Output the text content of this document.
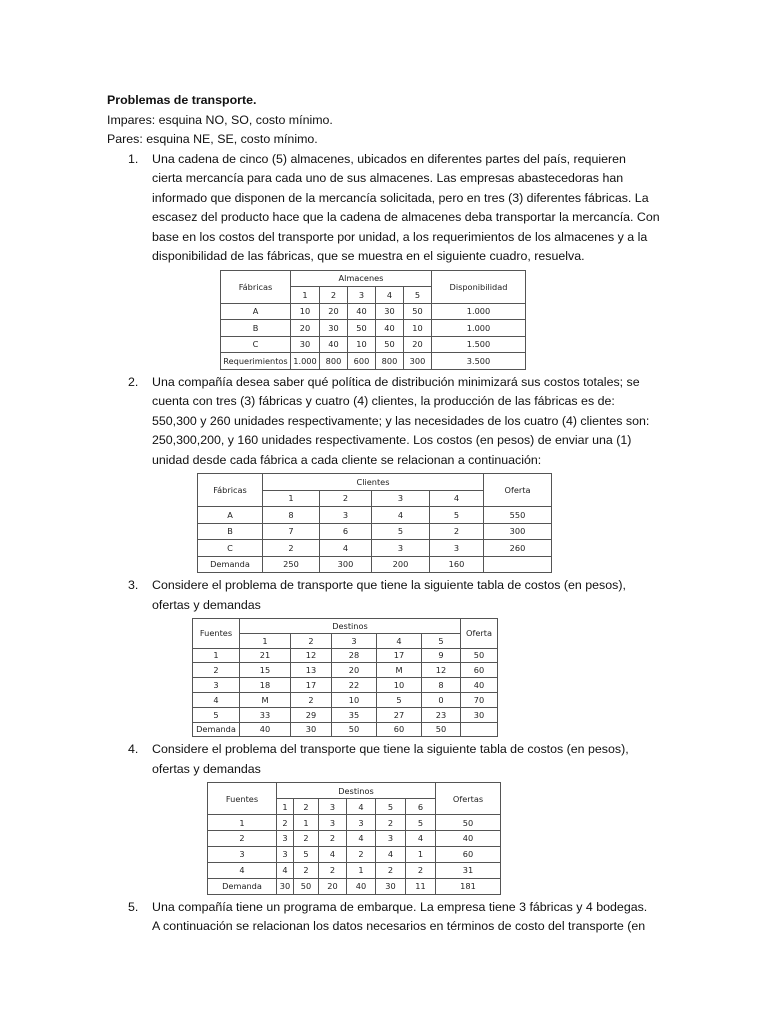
Problemas de transporte.
Impares: esquina NO, SO, costo mínimo.
Pares: esquina NE, SE, costo mínimo.
1. Una cadena de cinco (5) almacenes, ubicados en diferentes partes del país, requieren
cierta mercancía para cada uno de sus almacenes. Las empresas abastecedoras han
informado que disponen de la mercancía solicitada, pero en tres (3) diferentes fábricas. La
escasez del producto hace que la cadena de almacenes deba transportar la mercancía. Con
base en los costos del transporte por unidad, a los requerimientos de los almacenes y a la
disponibilidad de las fábricas, que se muestra en el siguiente cuadro, resuelva.
Fábricas	Almacenes					Disponibilidad
	1	2	3	4	5	
A	10	20	40	30	50	1.000
B	20	30	50	40	10	1.000
C	30	40	10	50	20	1.500
Requerimientos	1.000	800	600	800	300	3.500
2. Una compañía desea saber qué política de distribución minimizará sus costos totales; se
cuenta con tres (3) fábricas y cuatro (4) clientes, la producción de las fábricas es de:
550,300 y 260 unidades respectivamente; y las necesidades de los cuatro (4) clientes son:
250,300,200, y 160 unidades respectivamente. Los costos (en pesos) de enviar una (1)
unidad desde cada fábrica a cada cliente se relacionan a continuación:
Fábricas	Clientes				Oferta
	1	2	3	4	
A	8	3	4	5	550
B	7	6	5	2	300
C	2	4	3	3	260
Demanda	250	300	200	160	
3. Considere el problema de transporte que tiene la siguiente tabla de costos (en pesos),
ofertas y demandas
Fuentes	Destinos					Oferta
	1	2	3	4	5	
1	21	12	28	17	9	50
2	15	13	20	M	12	60
3	18	17	22	10	8	40
4	M	2	10	5	0	70
5	33	29	35	27	23	30
Demanda	40	30	50	60	50	
4. Considere el problema del transporte que tiene la siguiente tabla de costos (en pesos),
ofertas y demandas
Fuentes	Destinos						Ofertas
	1	2	3	4	5	6	
1	2	1	3	3	2	5	50
2	3	2	2	4	3	4	40
3	3	5	4	2	4	1	60
4	4	2	2	1	2	2	31
Demanda	30	50	20	40	30	11	181
5. Una compañía tiene un programa de embarque. La empresa tiene 3 fábricas y 4 bodegas.
A continuación se relacionan los datos necesarios en términos de costo del transporte (en
